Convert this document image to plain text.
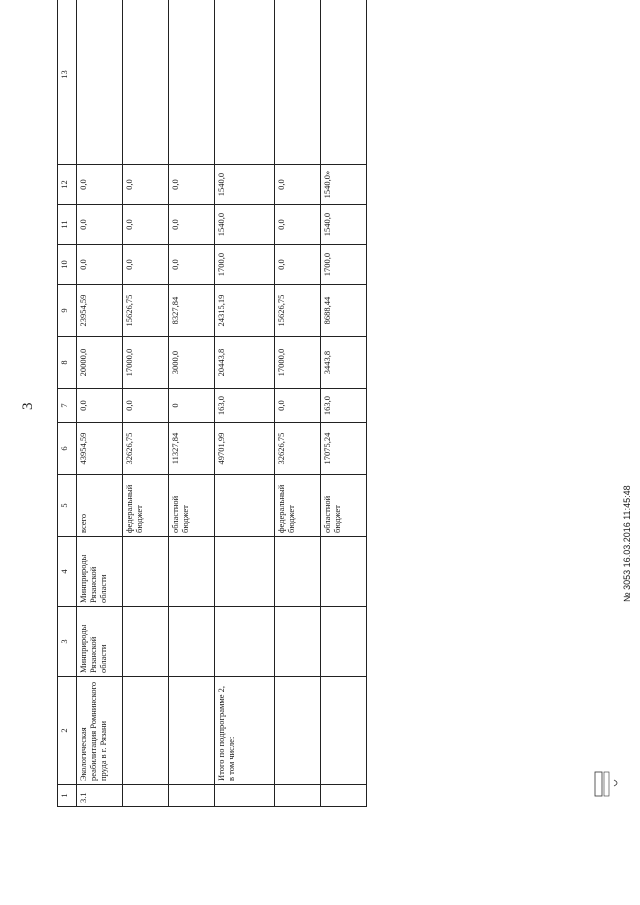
3
1	2	3	4	5	6	7	8	9	10	11	12	13
3.1	Экологическая реабилитация Ромнинского пруда в г. Рязани	Минприроды Рязанской области	Минприроды Рязанской области	всего	43954,59	0,0	20000,0	23954,59	0,0	0,0	0,0	
				федеральный бюджет	32626,75	0,0	17000,0	15626,75	0,0	0,0	0,0	
				областной бюджет	11327,84	0	3000,0	8327,84	0,0	0,0	0,0	
	Итого по подпрограмме 2, в том числе:				49701,99	163,0	20443,8	24315,19	1700,0	1540,0	1540,0	
				федеральный бюджет	32626,75	0,0	17000,0	15626,75	0,0	0,0	0,0	
				областной бюджет	17075,24	163,0	3443,8	8688,44	1700,0	1540,0	1540,0»	
№ 3053 16.03.2016 11:45:48
